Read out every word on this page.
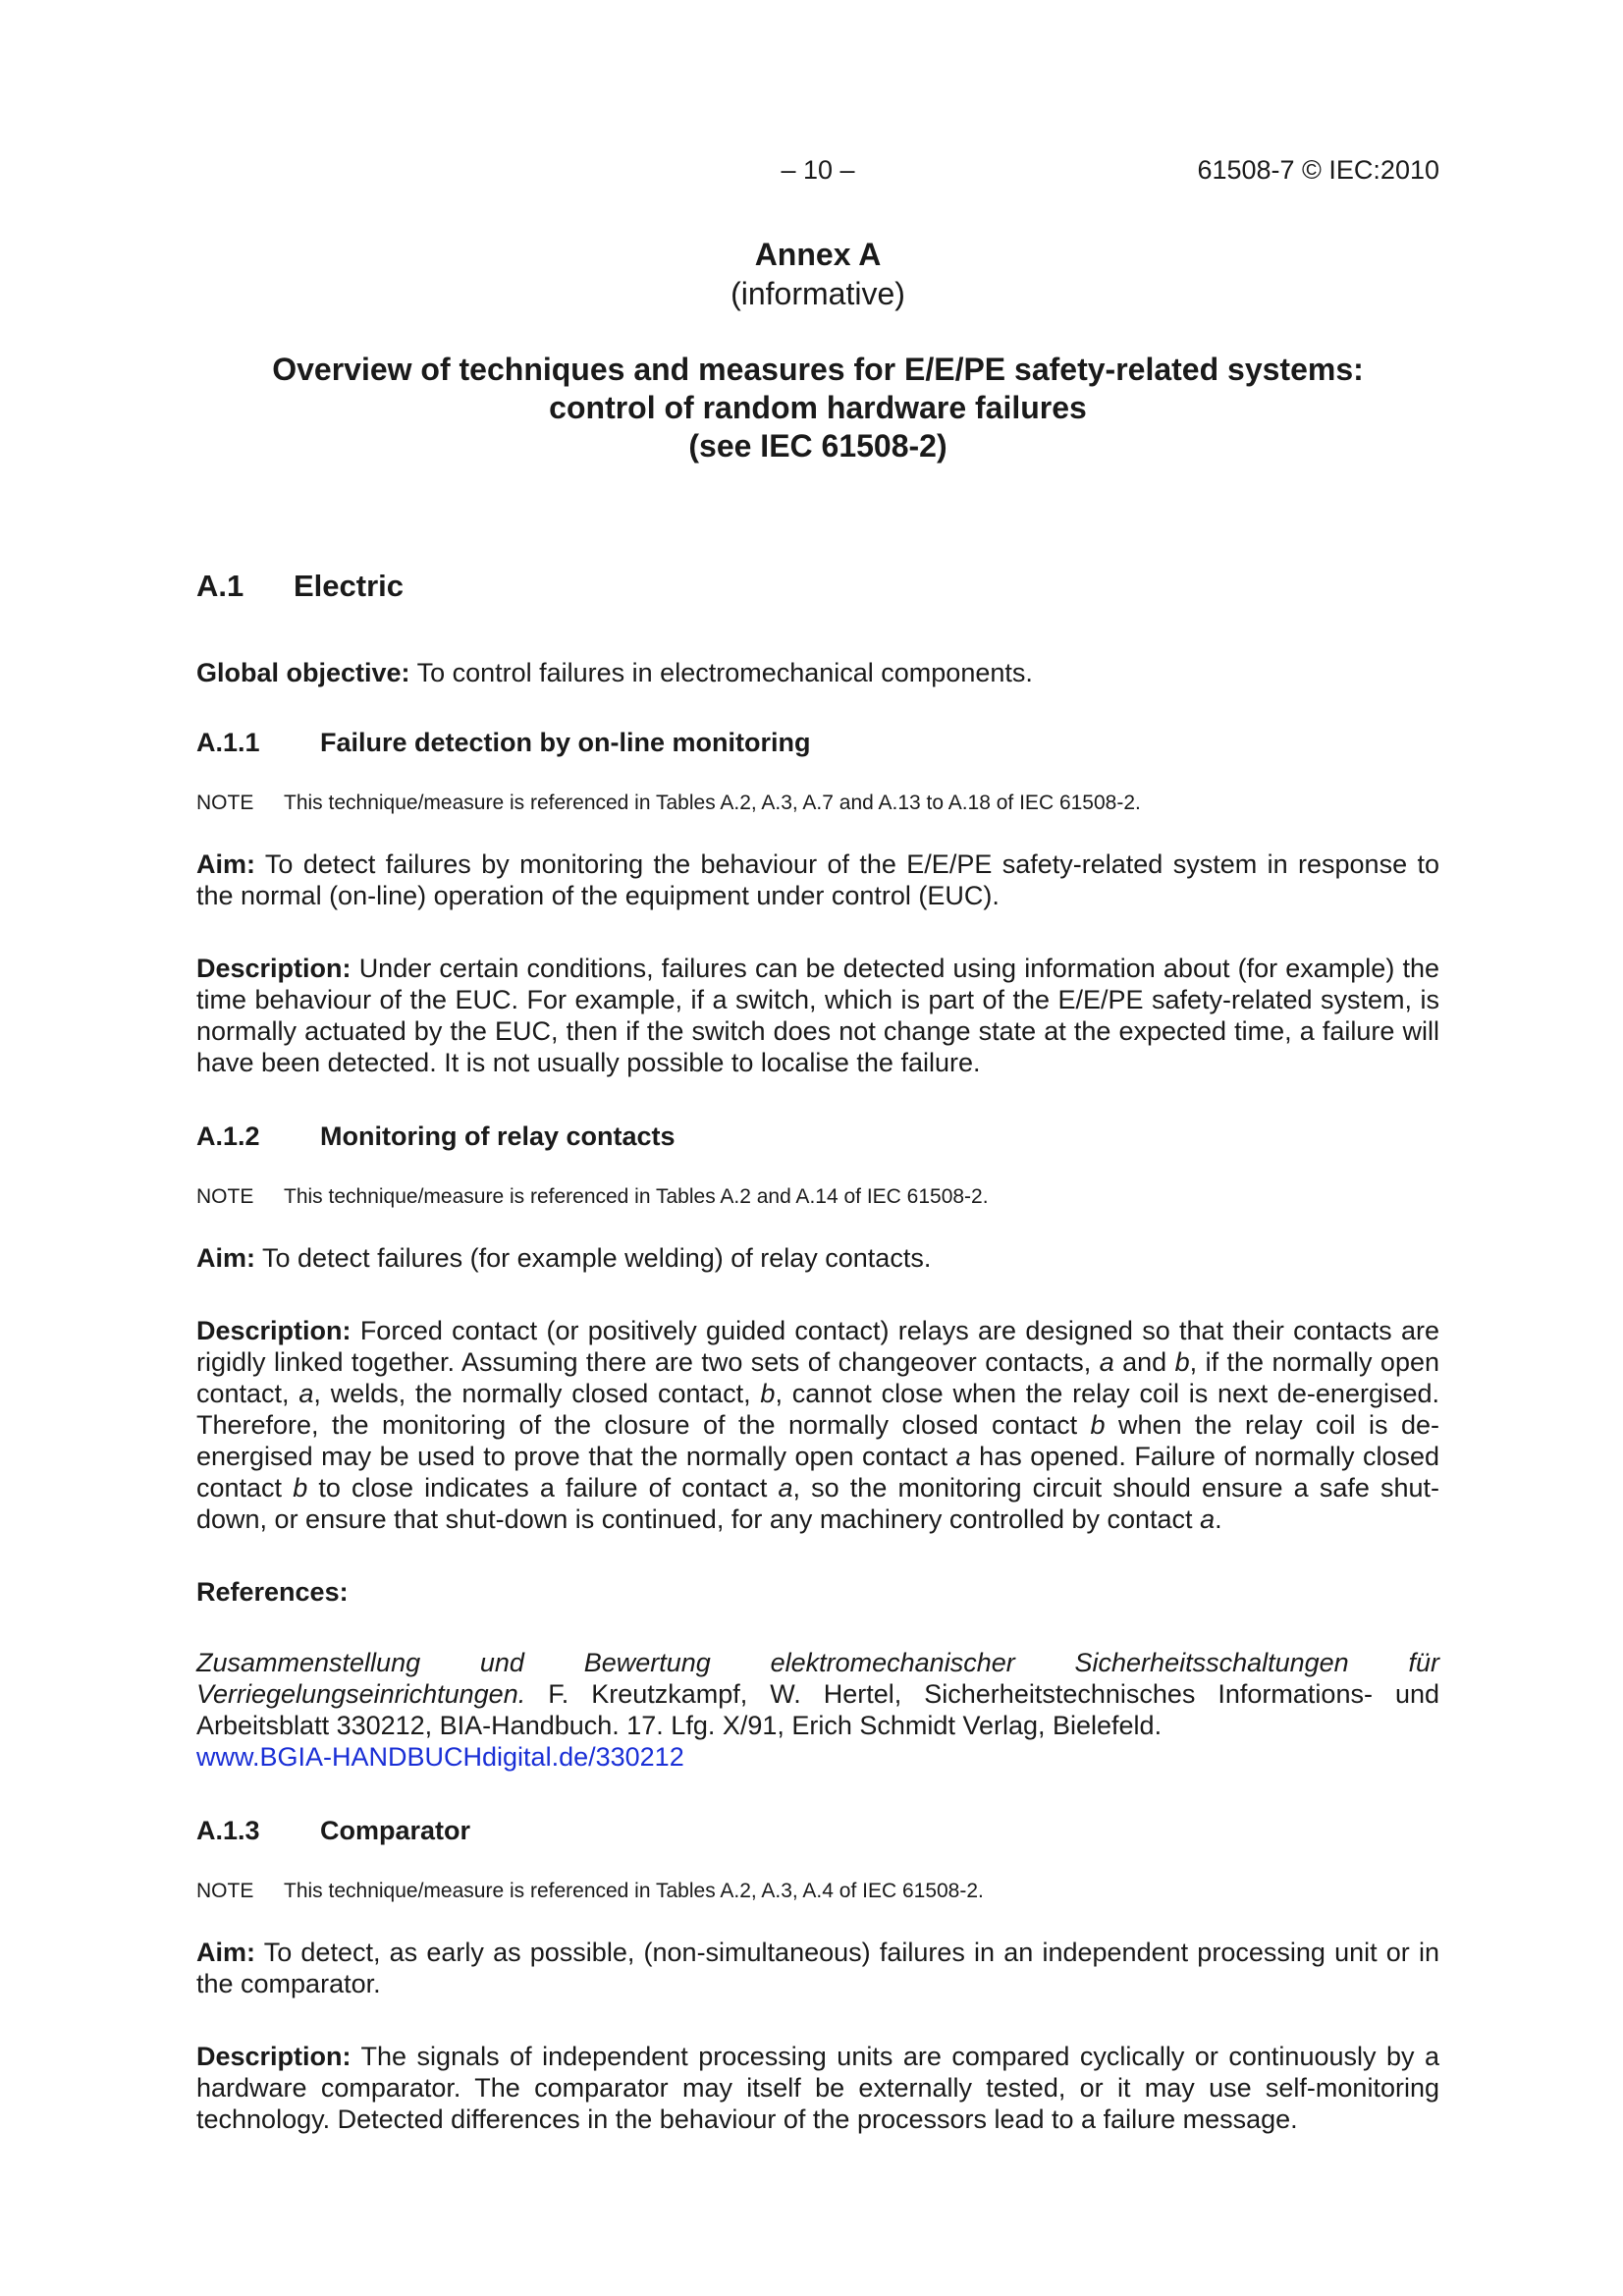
– 10 –	61508-7 © IEC:2010
Annex A
(informative)
Overview of techniques and measures for E/E/PE safety-related systems:
control of random hardware failures
(see IEC 61508-2)
A.1 Electric
Global objective: To control failures in electromechanical components.
A.1.1 Failure detection by on-line monitoring
NOTE This technique/measure is referenced in Tables A.2, A.3, A.7 and A.13 to A.18 of IEC 61508-2.
Aim: To detect failures by monitoring the behaviour of the E/E/PE safety-related system in response to the normal (on-line) operation of the equipment under control (EUC).
Description: Under certain conditions, failures can be detected using information about (for example) the time behaviour of the EUC. For example, if a switch, which is part of the E/E/PE safety-related system, is normally actuated by the EUC, then if the switch does not change state at the expected time, a failure will have been detected. It is not usually possible to localise the failure.
A.1.2 Monitoring of relay contacts
NOTE This technique/measure is referenced in Tables A.2 and A.14 of IEC 61508-2.
Aim: To detect failures (for example welding) of relay contacts.
Description: Forced contact (or positively guided contact) relays are designed so that their contacts are rigidly linked together. Assuming there are two sets of changeover contacts, a and b, if the normally open contact, a, welds, the normally closed contact, b, cannot close when the relay coil is next de-energised. Therefore, the monitoring of the closure of the normally closed contact b when the relay coil is de-energised may be used to prove that the normally open contact a has opened. Failure of normally closed contact b to close indicates a failure of contact a, so the monitoring circuit should ensure a safe shut-down, or ensure that shut-down is continued, for any machinery controlled by contact a.
References:
Zusammenstellung und Bewertung elektromechanischer Sicherheitsschaltungen für Verriegelungseinrichtungen. F. Kreutzkampf, W. Hertel, Sicherheitstechnisches Informations- und Arbeitsblatt 330212, BIA-Handbuch. 17. Lfg. X/91, Erich Schmidt Verlag, Bielefeld.
www.BGIA-HANDBUCHdigital.de/330212
A.1.3 Comparator
NOTE This technique/measure is referenced in Tables A.2, A.3, A.4 of IEC 61508-2.
Aim: To detect, as early as possible, (non-simultaneous) failures in an independent processing unit or in the comparator.
Description: The signals of independent processing units are compared cyclically or continuously by a hardware comparator. The comparator may itself be externally tested, or it may use self-monitoring technology. Detected differences in the behaviour of the processors lead to a failure message.
